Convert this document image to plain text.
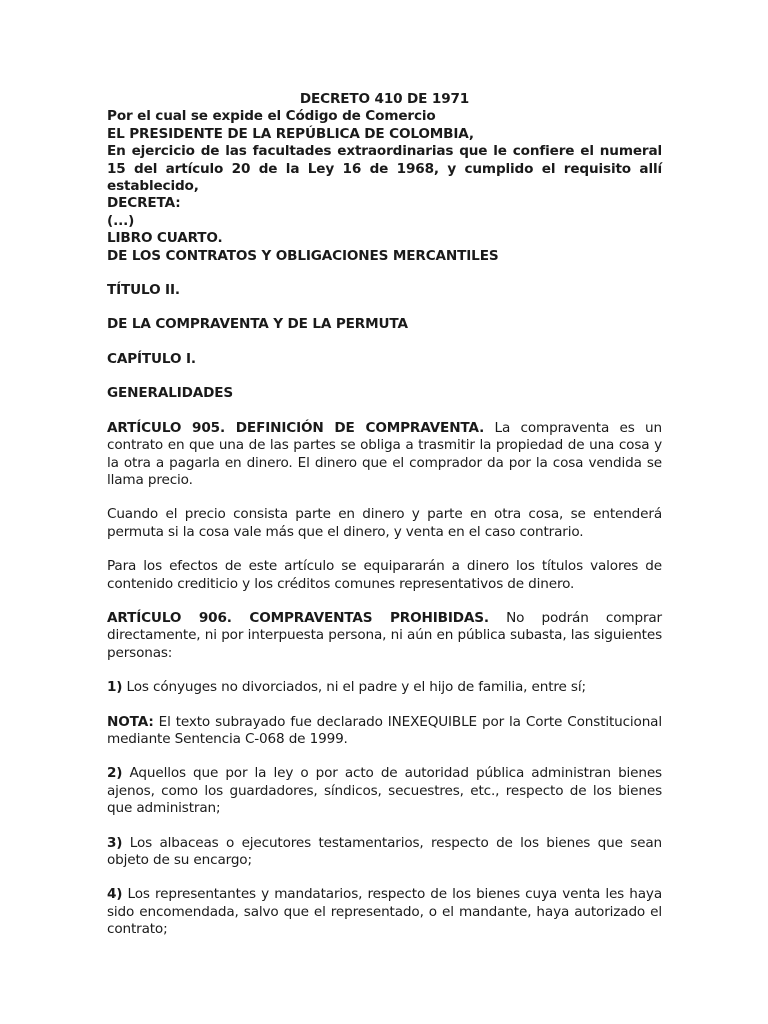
DECRETO 410 DE 1971

Por el cual se expide el Código de Comercio

EL PRESIDENTE DE LA REPÚBLICA DE COLOMBIA,

En ejercicio de las facultades extraordinarias que le confiere el numeral 15 del artículo 20 de la Ley 16 de 1968, y cumplido el requisito allí establecido,

DECRETA:

(...)

LIBRO CUARTO.

DE LOS CONTRATOS Y OBLIGACIONES MERCANTILES

TÍTULO II.

DE LA COMPRAVENTA Y DE LA PERMUTA

CAPÍTULO I.

GENERALIDADES

ARTÍCULO 905. DEFINICIÓN DE COMPRAVENTA. La compraventa es un contrato en que una de las partes se obliga a trasmitir la propiedad de una cosa y la otra a pagarla en dinero. El dinero que el comprador da por la cosa vendida se llama precio.

Cuando el precio consista parte en dinero y parte en otra cosa, se entenderá permuta si la cosa vale más que el dinero, y venta en el caso contrario.

Para los efectos de este artículo se equipararán a dinero los títulos valores de contenido crediticio y los créditos comunes representativos de dinero.

ARTÍCULO 906. COMPRAVENTAS PROHIBIDAS. No podrán comprar directamente, ni por interpuesta persona, ni aún en pública subasta, las siguientes personas:

1) Los cónyuges no divorciados, ni el padre y el hijo de familia, entre sí;

NOTA: El texto subrayado fue declarado INEXEQUIBLE por la Corte Constitucional mediante Sentencia C-068 de 1999.

2) Aquellos que por la ley o por acto de autoridad pública administran bienes ajenos, como los guardadores, síndicos, secuestres, etc., respecto de los bienes que administran;

3) Los albaceas o ejecutores testamentarios, respecto de los bienes que sean objeto de su encargo;

4) Los representantes y mandatarios, respecto de los bienes cuya venta les haya sido encomendada, salvo que el representado, o el mandante, haya autorizado el contrato;
